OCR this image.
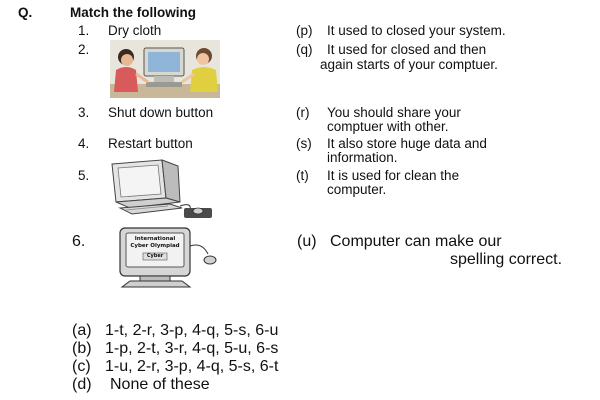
Q.	Match the following
1. Dry cloth
2.
3. Shut down button
4. Restart button
5.
6.	International
Cyber Olympiad
Cyber
(p) It used to closed your system.
(q) It used for closed and then
again starts of your comptuer.
(r) You should share your
comptuer with other.
(s) It also store huge data and
information.
(t) It is used for clean the
computer.
(u) Computer can make our
spelling correct.
(a) 1-t, 2-r, 3-p, 4-q, 5-s, 6-u
(b) 1-p, 2-t, 3-r, 4-q, 5-u, 6-s
(c) 1-u, 2-r, 3-p, 4-q, 5-s, 6-t
(d) None of these
